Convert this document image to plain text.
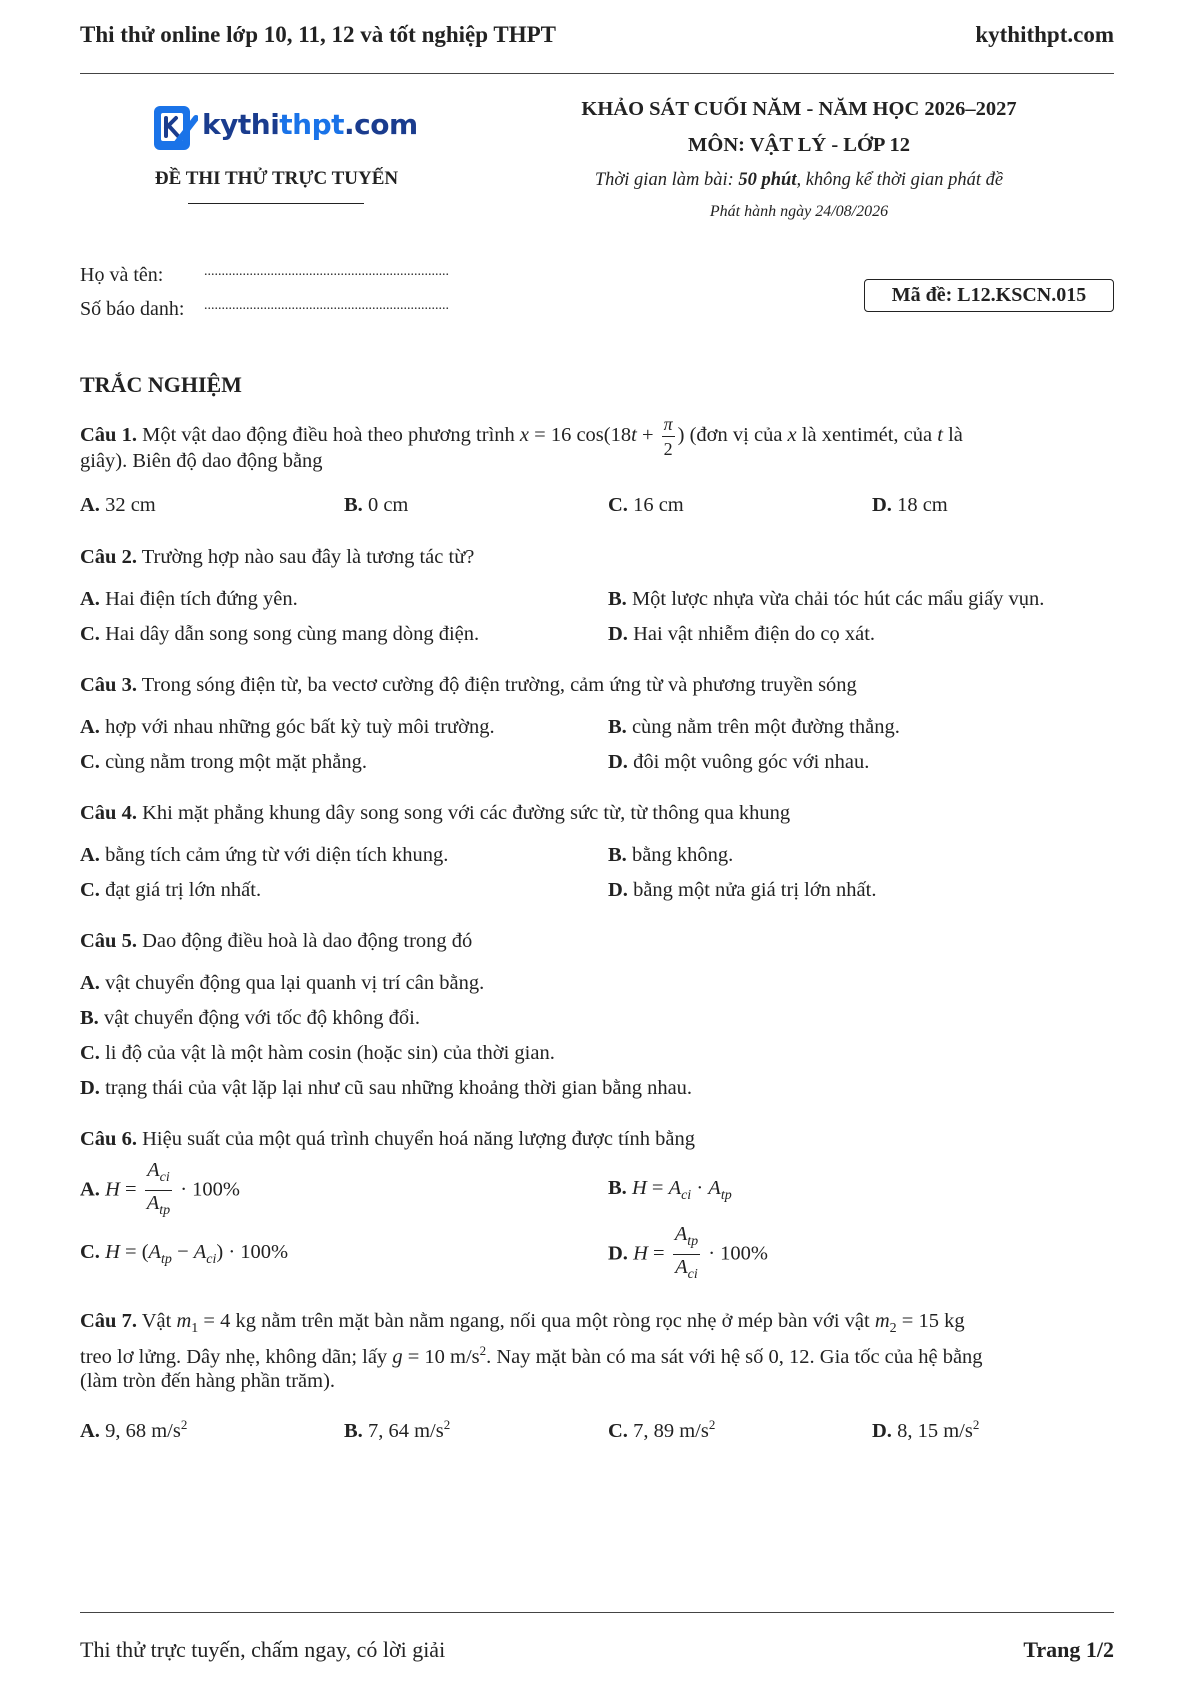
Thi thử online lớp 10, 11, 12 và tốt nghiệp THPT	kythithpt.com
kythithpt.com
ĐỀ THI THỬ TRỰC TUYẾN
KHẢO SÁT CUỐI NĂM - NĂM HỌC 2026–2027
MÔN: VẬT LÝ - LỚP 12
Thời gian làm bài: 50 phút, không kể thời gian phát đề
Phát hành ngày 24/08/2026
Họ và tên:	......................................................................
Số báo danh: ......................................................................	Mã đề: L12.KSCN.015
TRẮC NGHIỆM
Câu 1. Một vật dao động điều hoà theo phương trình x = 16 $\cos(18t + \frac{\pi}{2}$ ) (đơn vị của x là xentimét, của t là
giây). Biên độ dao động bằng
A. 32 cm	B. 0 cm	C. 16 cm	D. 18 cm
Câu 2. Trường hợp nào sau đây là tương tác từ?
A. Hai điện tích đứng yên.	B. Một lược nhựa vừa chải tóc hút các mẩu giấy vụn.
C. Hai dây dẫn song song cùng mang dòng điện.	D. Hai vật nhiễm điện do cọ xát.
Câu 3. Trong sóng điện từ, ba vectơ cường độ điện trường, cảm ứng từ và phương truyền sóng
A. hợp với nhau những góc bất kỳ tuỳ môi trường.	B. cùng nằm trên một đường thẳng.
C. cùng nằm trong một mặt phẳng.	D. đôi một vuông góc với nhau.
Câu 4. Khi mặt phẳng khung dây song song với các đường sức từ, từ thông qua khung
A. bằng tích cảm ứng từ với diện tích khung.	B. bằng không.
C. đạt giá trị lớn nhất.	D. bằng một nửa giá trị lớn nhất.
Câu 5. Dao động điều hoà là dao động trong đó
A. vật chuyển động qua lại quanh vị trí cân bằng.
B. vật chuyển động với tốc độ không đổi.
C. li độ của vật là một hàm cosin (hoặc sin) của thời gian.
D. trạng thái của vật lặp lại như cũ sau những khoảng thời gian bằng nhau.
Câu 6. Hiệu suất của một quá trình chuyển hoá năng lượng được tính bằng
A. $H = \frac{A_{ci}}{A_{tp}} \cdot 100\%$	B. $H = A_{ci} \cdot A_{tp}$
C. $H = (A_{tp} - A_{ci}) \cdot 100\%$	D. $H = \frac{A_{tp}}{A_{ci}} \cdot 100\%$
Câu 7. Vật $m_1 = 4$ kg nằm trên mặt bàn nằm ngang, nối qua một ròng rọc nhẹ ở mép bàn với vật $m_2 = 15$ kg
treo lơ lửng. Dây nhẹ, không dãn; lấy g = 10 $m/s^2$. Nay mặt bàn có ma sát với hệ số 0, 12. Gia tốc của hệ bằng
(làm tròn đến hàng phần trăm).
A. 9, 68 $m/s^2$	B. 7, 64 $m/s^2$	C. 7, 89 $m/s^2$	D. 8, 15 $m/s^2$
Thi thử trực tuyến, chấm ngay, có lời giải	Trang 1/2
